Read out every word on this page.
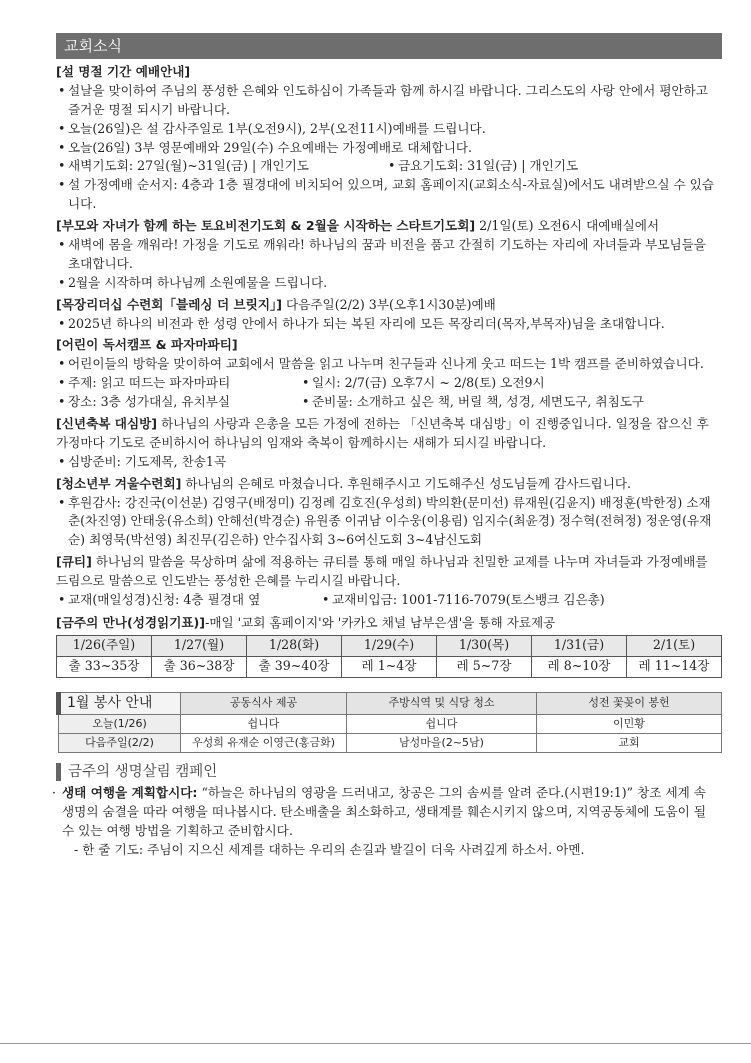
교회소식
[설 명절 기간 예배안내]
• 설날을 맞이하여 주님의 풍성한 은혜와 인도하심이 가족들과 함께 하시길 바랍니다. 그리스도의 사랑 안에서 평안하고 즐거운 명절 되시기 바랍니다.
• 오늘(26일)은 설 감사주일로 1부(오전9시), 2부(오전11시)예배를 드립니다.
• 오늘(26일) 3부 영문예배와 29일(수) 수요예배는 가정예배로 대체합니다.
• 새벽기도회: 27일(월)~31일(금) | 개인기도	• 금요기도회: 31일(금) | 개인기도
• 설 가정예배 순서지: 4층과 1층 필경대에 비치되어 있으며, 교회 홈페이지(교회소식-자료실)에서도 내려받으실 수 있습니다.
[부모와 자녀가 함께 하는 토요비전기도회 & 2월을 시작하는 스타트기도회] 2/1일(토) 오전6시 대예배실에서
• 새벽에 몸을 깨워라! 가정을 기도로 깨워라! 하나님의 꿈과 비전을 품고 간절히 기도하는 자리에 자녀들과 부모님들을 초대합니다.
• 2월을 시작하며 하나님께 소원예물을 드립니다.
[목장리더십 수련회「블레싱 더 브릿지」] 다음주일(2/2) 3부(오후1시30분)예배
• 2025년 하나의 비전과 한 성령 안에서 하나가 되는 복된 자리에 모든 목장리더(목자,부목자)님을 초대합니다.
[어린이 독서캠프 & 파자마파티]
• 어린이들의 방학을 맞이하여 교회에서 말씀을 읽고 나누며 친구들과 신나게 웃고 떠드는 1박 캠프를 준비하였습니다.
• 주제: 읽고 떠드는 파자마파티	• 일시: 2/7(금) 오후7시 ~ 2/8(토) 오전9시
• 장소: 3층 성가대실, 유치부실	• 준비물: 소개하고 싶은 책, 버릴 책, 성경, 세면도구, 취침도구
[신년축복 대심방] 하나님의 사랑과 은총을 모든 가정에 전하는 「신년축복 대심방」이 진행중입니다. 일정을 잡으신 후 가정마다 기도로 준비하시어 하나님의 임재와 축복이 함께하시는 새해가 되시길 바랍니다.
• 심방준비: 기도제목, 찬송1곡
[청소년부 겨울수련회] 하나님의 은혜로 마쳤습니다. 후원해주시고 기도해주신 성도님들께 감사드립니다.
• 후원감사: 강진국(이선분) 김영구(배정미) 김정례 김호진(우성희) 박의환(문미선) 류재원(김윤지) 배정훈(박한정) 소재춘(차진영) 안태웅(유소희) 안해선(박경순) 유원종 이귀남 이수웅(이용림) 임지수(최윤경) 정수혁(전혀정) 정운영(유재순) 최영묵(박선영) 최진무(김은하) 안수집사회 3~6여신도회 3~4남신도회
[큐티] 하나님의 말씀을 묵상하며 삶에 적용하는 큐티를 통해 매일 하나님과 친밀한 교제를 나누며 자녀들과 가정예배를 드림으로 말씀으로 인도받는 풍성한 은혜를 누리시길 바랍니다.
• 교재(매일성경)신청: 4층 필경대 옆	• 교재비입금: 1001-7116-7079(토스뱅크 김은총)
[금주의 만나(성경읽기표)]-매일 '교회 홈페이지'와 '카카오 채널 남부은샘'을 통해 자료제공
1/26(주일)	1/27(월)	1/28(화)	1/29(수)	1/30(목)	1/31(금)	2/1(토)
출 33~35장	출 36~38장	출 39~40장	레 1~4장	레 5~7장	레 8~10장	레 11~14장
1월 봉사 안내	공동식사 제공	주방식역 및 식당 청소	성전 꽃꽂이 봉헌
오늘(1/26)	쉽니다	쉽니다	이민황
다음주일(2/2)	우성희 유재순 이영근(홍금화)	남성마을(2~5남)	교회
금주의 생명살림 캠페인
· 생태 여행을 계획합시다: “하늘은 하나님의 영광을 드러내고, 창공은 그의 솜씨를 알려 준다.(시편19:1)” 창조 세계 속 생명의 숨결을 따라 여행을 떠나봅시다. 탄소배출을 최소화하고, 생태계를 훼손시키지 않으며, 지역공동체에 도움이 될 수 있는 여행 방법을 기획하고 준비합시다.
- 한 줄 기도: 주님이 지으신 세계를 대하는 우리의 손길과 발길이 더욱 사려깊게 하소서. 아멘.
